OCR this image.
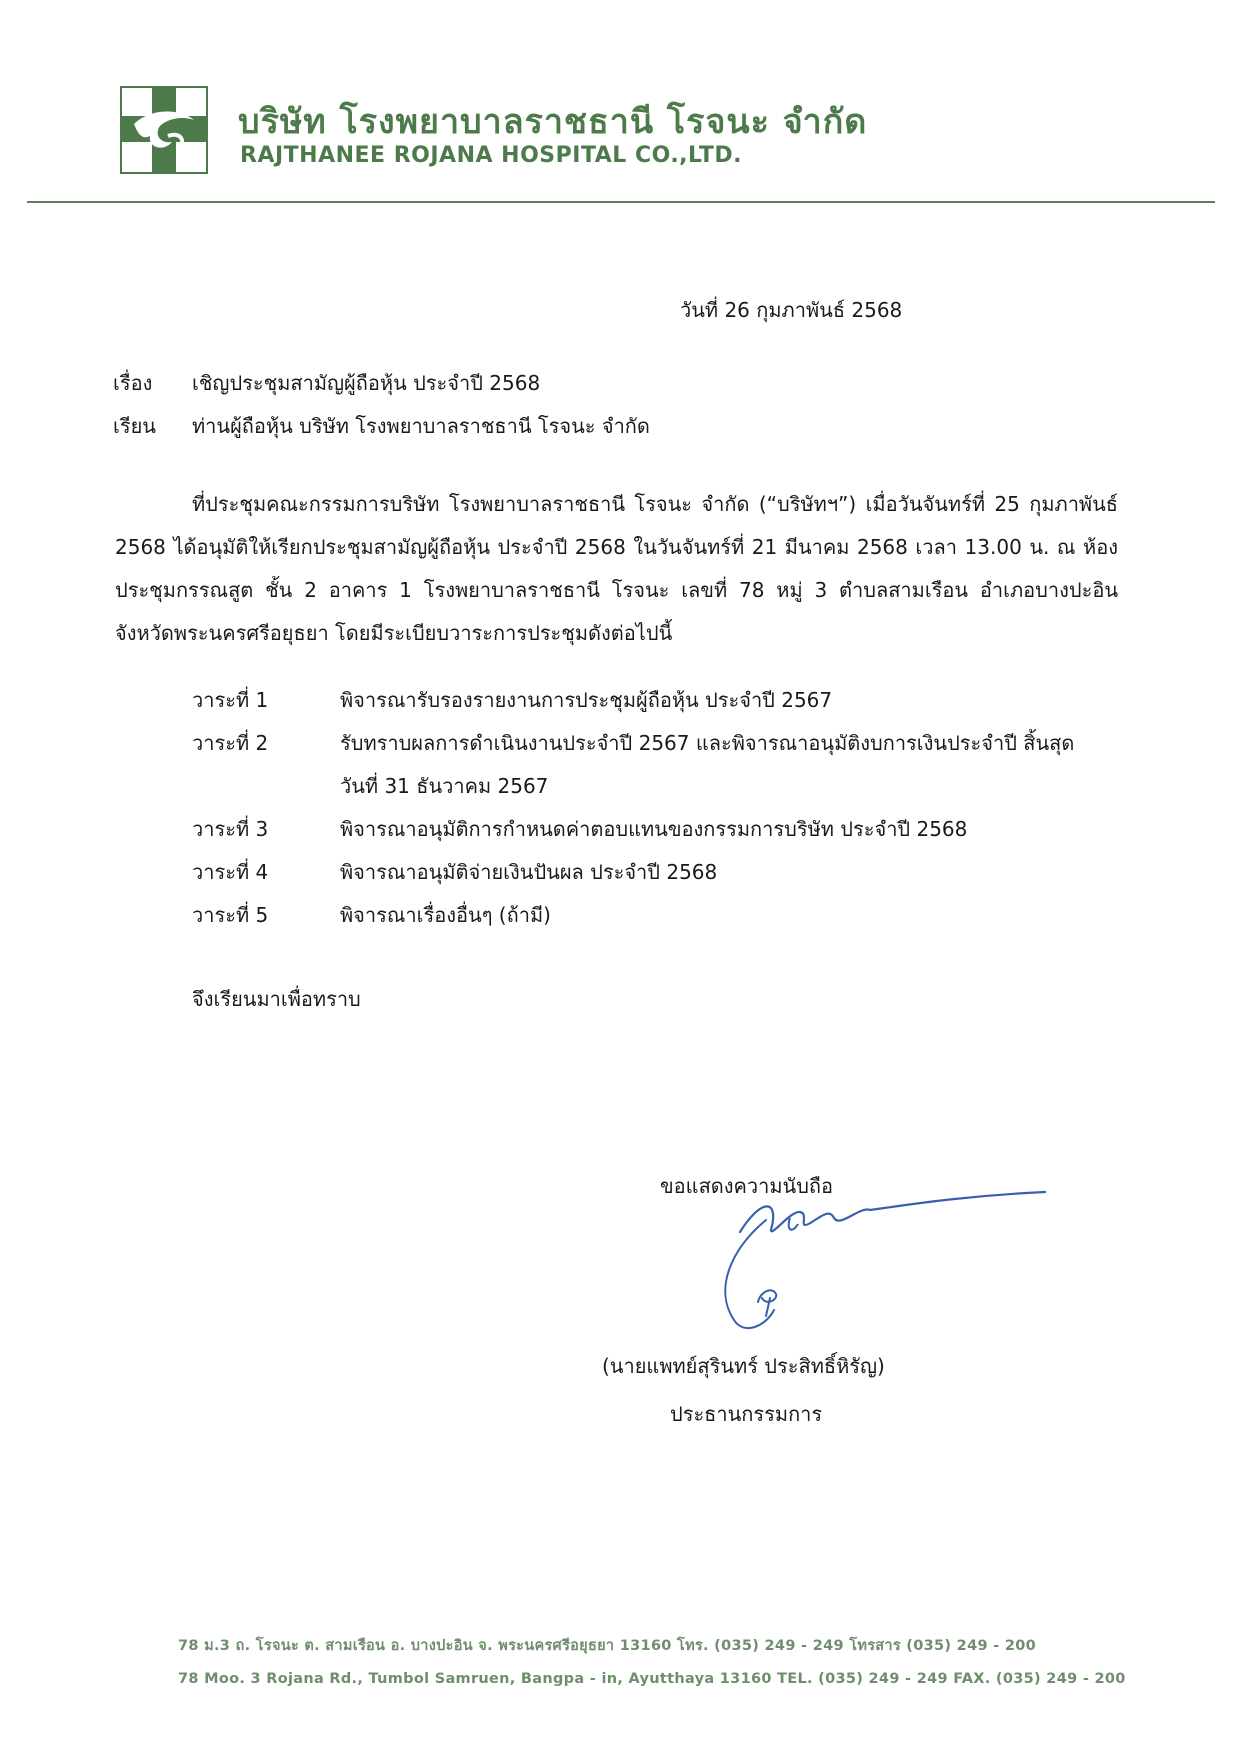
บริษัท โรงพยาบาลราชธานี โรจนะ จำกัด
RAJTHANEE ROJANA HOSPITAL CO.,LTD.
วันที่ 26 กุมภาพันธ์ 2568
เรื่อง เชิญประชุมสามัญผู้ถือหุ้น ประจำปี 2568
เรียน ท่านผู้ถือหุ้น บริษัท โรงพยาบาลราชธานี โรจนะ จำกัด
ที่ประชุมคณะกรรมการบริษัท โรงพยาบาลราชธานี โรจนะ จำกัด (“บริษัทฯ”) เมื่อวันจันทร์ที่ 25 กุมภาพันธ์
2568 ได้อนุมัติให้เรียกประชุมสามัญผู้ถือหุ้น ประจำปี 2568 ในวันจันทร์ที่ 21 มีนาคม 2568 เวลา 13.00 น. ณ ห้อง
ประชุมกรรณสูต ชั้น 2 อาคาร 1 โรงพยาบาลราชธานี โรจนะ เลขที่ 78 หมู่ 3 ตำบลสามเรือน อำเภอบางปะอิน
จังหวัดพระนครศรีอยุธยา โดยมีระเบียบวาระการประชุมดังต่อไปนี้
วาระที่ 1	พิจารณารับรองรายงานการประชุมผู้ถือหุ้น ประจำปี 2567
วาระที่ 2	รับทราบผลการดำเนินงานประจำปี 2567 และพิจารณาอนุมัติงบการเงินประจำปี สิ้นสุด
วันที่ 31 ธันวาคม 2567
วาระที่ 3	พิจารณาอนุมัติการกำหนดค่าตอบแทนของกรรมการบริษัท ประจำปี 2568
วาระที่ 4	พิจารณาอนุมัติจ่ายเงินปันผล ประจำปี 2568
วาระที่ 5	พิจารณาเรื่องอื่นๆ (ถ้ามี)
จึงเรียนมาเพื่อทราบ
ขอแสดงความนับถือ
(นายแพทย์สุรินทร์ ประสิทธิ์หิรัญ)
ประธานกรรมการ
78 ม.3 ถ. โรจนะ ต. สามเรือน อ. บางปะอิน จ. พระนครศรีอยุธยา 13160 โทร. (035) 249 - 249 โทรสาร (035) 249 - 200
78 Moo. 3 Rojana Rd., Tumbol Samruen, Bangpa - in, Ayutthaya 13160 TEL. (035) 249 - 249 FAX. (035) 249 - 200
